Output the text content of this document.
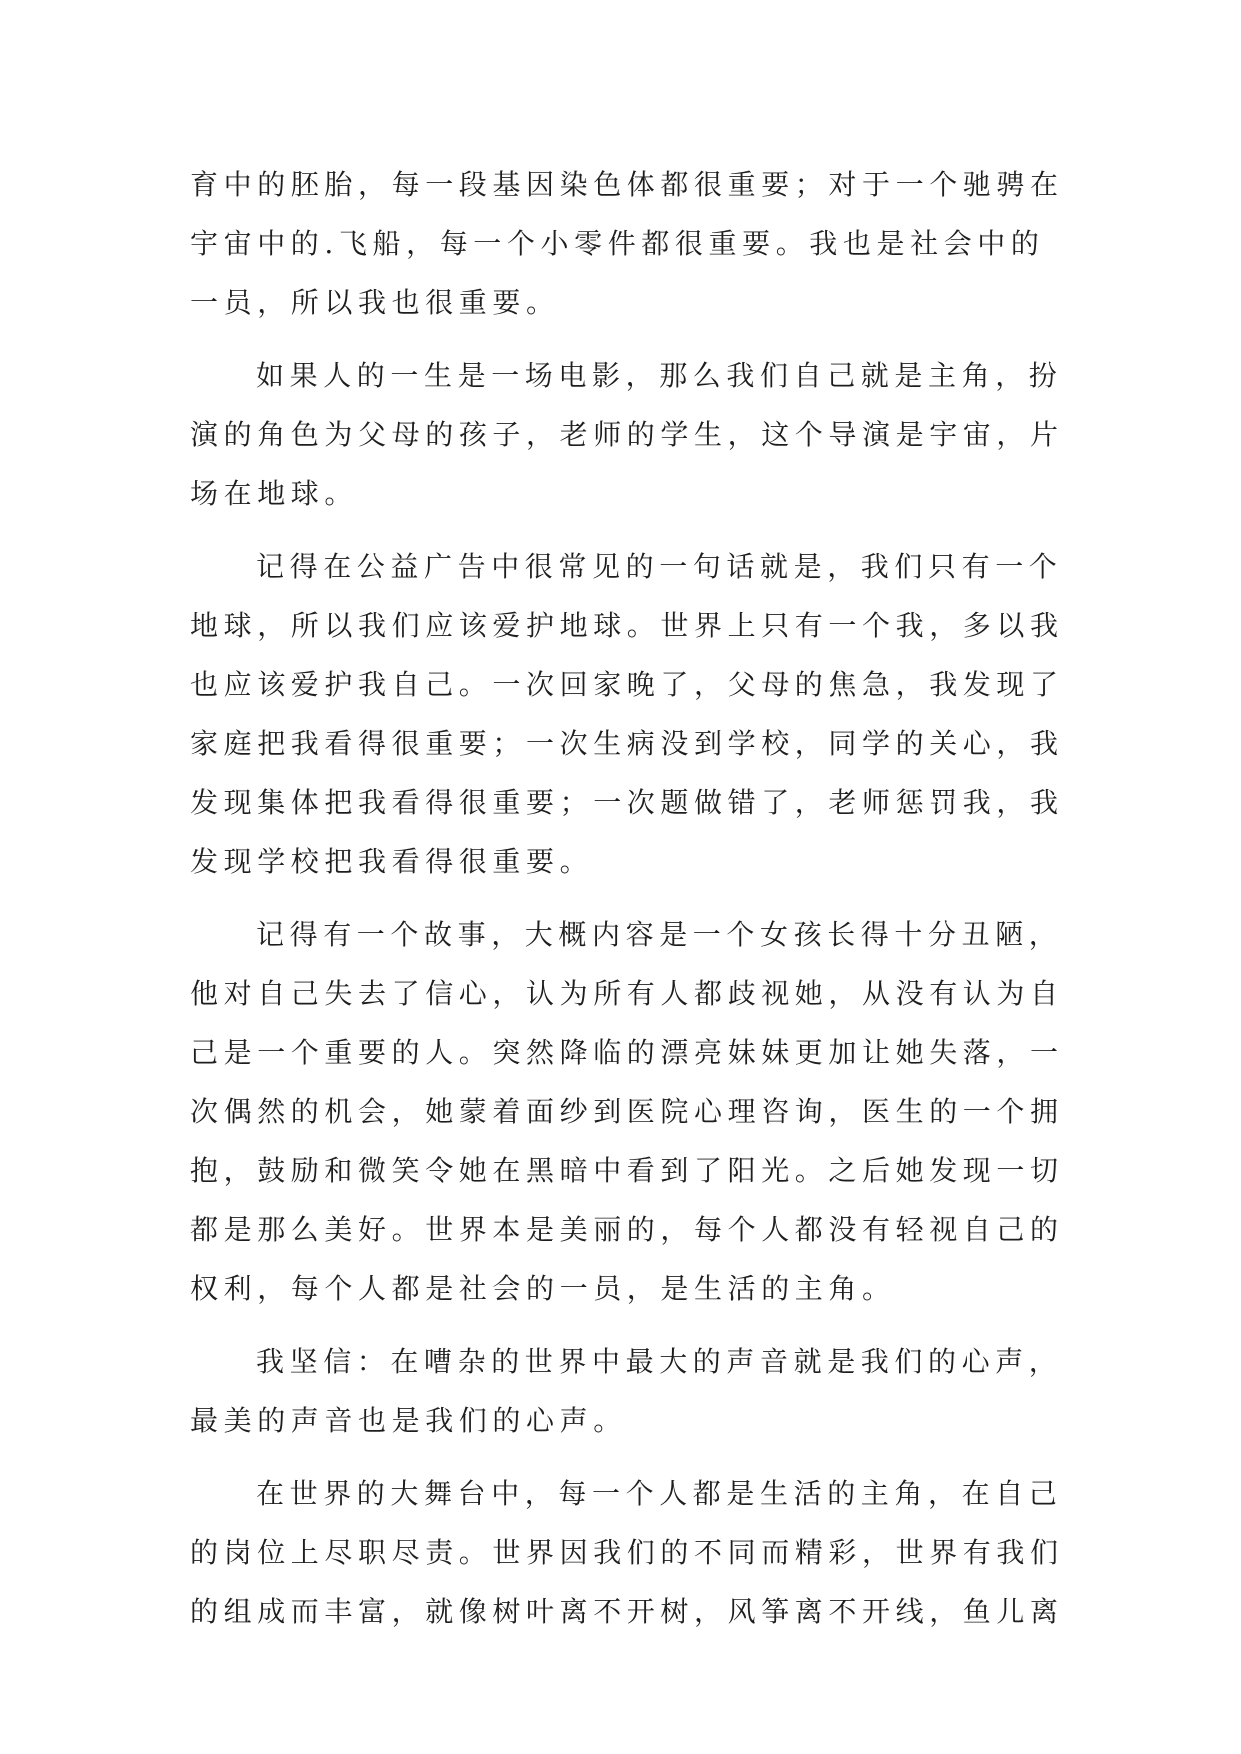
育中的胚胎，每一段基因染色体都很重要；对于一个驰骋在
宇宙中的.飞船，每一个小零件都很重要。我也是社会中的
一员，所以我也很重要。
如果人的一生是一场电影，那么我们自己就是主角，扮
演的角色为父母的孩子，老师的学生，这个导演是宇宙，片
场在地球。
记得在公益广告中很常见的一句话就是，我们只有一个
地球，所以我们应该爱护地球。世界上只有一个我，多以我
也应该爱护我自己。一次回家晚了，父母的焦急，我发现了
家庭把我看得很重要；一次生病没到学校，同学的关心，我
发现集体把我看得很重要；一次题做错了，老师惩罚我，我
发现学校把我看得很重要。
记得有一个故事，大概内容是一个女孩长得十分丑陋，
他对自己失去了信心，认为所有人都歧视她，从没有认为自
己是一个重要的人。突然降临的漂亮妹妹更加让她失落，一
次偶然的机会，她蒙着面纱到医院心理咨询，医生的一个拥
抱，鼓励和微笑令她在黑暗中看到了阳光。之后她发现一切
都是那么美好。世界本是美丽的，每个人都没有轻视自己的
权利，每个人都是社会的一员，是生活的主角。
我坚信：在嘈杂的世界中最大的声音就是我们的心声，
最美的声音也是我们的心声。
在世界的大舞台中，每一个人都是生活的主角，在自己
的岗位上尽职尽责。世界因我们的不同而精彩，世界有我们
的组成而丰富，就像树叶离不开树，风筝离不开线，鱼儿离
